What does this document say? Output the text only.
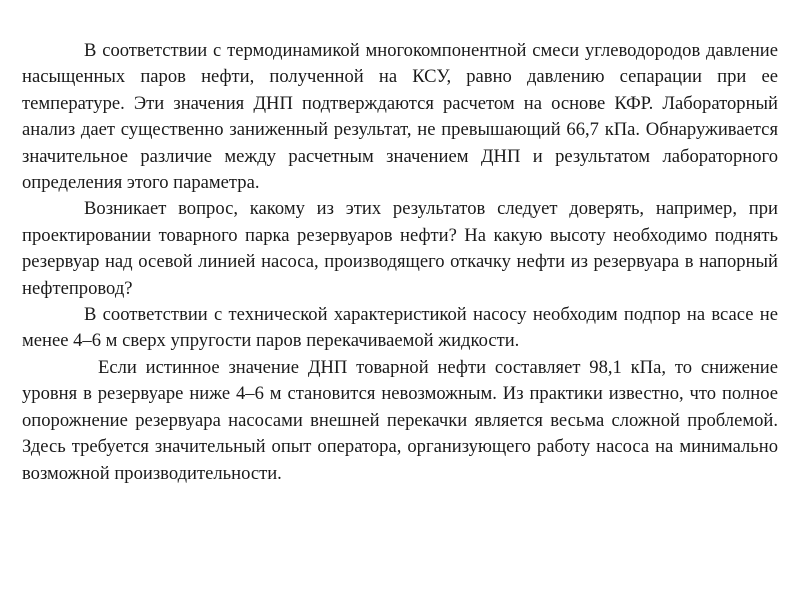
В соответствии с термодинамикой многокомпонентной смеси углеводородов давление насыщенных паров нефти, полученной на КСУ, равно давлению сепарации при ее температуре. Эти значения ДНП подтверждаются расчетом на основе КФР. Лабораторный анализ дает существенно заниженный результат, не превышающий 66,7 кПа. Обнаруживается значительное различие между расчетным значением ДНП и результатом лабораторного определения этого параметра.

Возникает вопрос, какому из этих результатов следует доверять, например, при проектировании товарного парка резервуаров нефти? На какую высоту необходимо поднять резервуар над осевой линией насоса, производящего откачку нефти из резервуара в напорный нефтепровод?

В соответствии с технической характеристикой насосу необходим подпор на всасе не менее 4–6 м сверх упругости паров перекачиваемой жидкости.

Если истинное значение ДНП товарной нефти составляет 98,1 кПа, то снижение уровня в резервуаре ниже 4–6 м становится невозможным. Из практики известно, что полное опорожнение резервуара насосами внешней перекачки является весьма сложной проблемой. Здесь требуется значительный опыт оператора, организующего работу насоса на минимально возможной производительности.
